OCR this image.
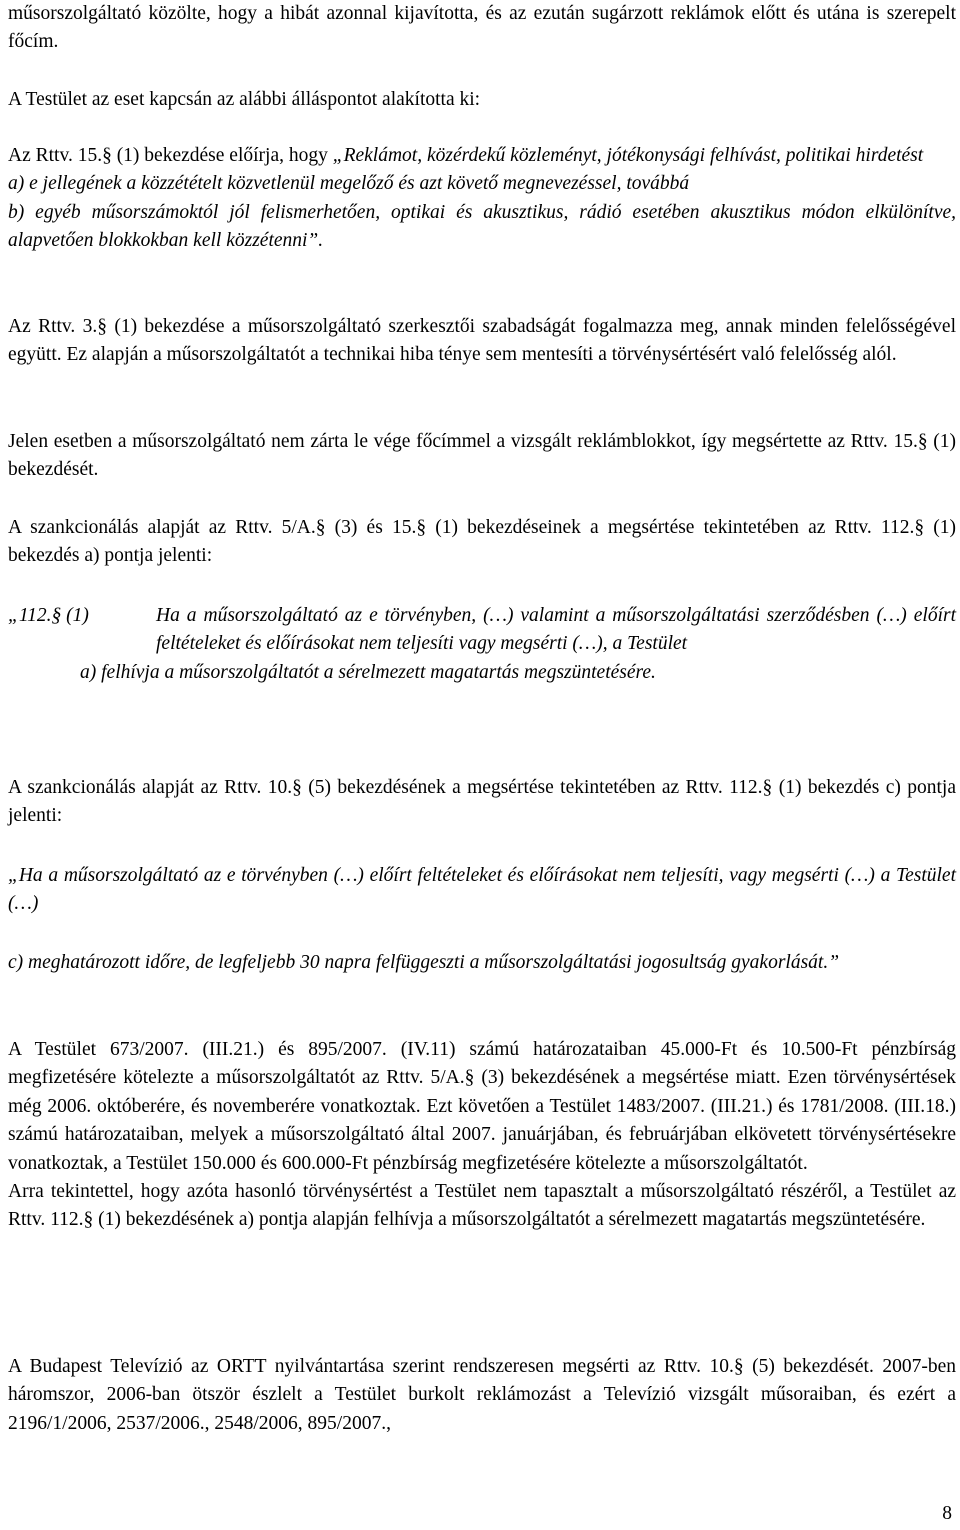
műsorszolgáltató közölte, hogy a hibát azonnal kijavította, és az ezután sugárzott reklámok előtt és utána is szerepelt főcím.

A Testület az eset kapcsán az alábbi álláspontot alakította ki:

Az Rttv. 15.§ (1) bekezdése előírja, hogy „Reklámot, közérdekű közleményt, jótékonysági felhívást, politikai hirdetést

a) e jellegének a közzétételt közvetlenül megelőző és azt követő megnevezéssel, továbbá

b) egyéb műsorszámoktól jól felismerhetően, optikai és akusztikus, rádió esetében akusztikus módon elkülönítve, alapvetően blokkokban kell közzétenni”.

Az Rttv. 3.§ (1) bekezdése a műsorszolgáltató szerkesztői szabadságát fogalmazza meg, annak minden felelősségével együtt. Ez alapján a műsorszolgáltatót a technikai hiba ténye sem mentesíti a törvénysértésért való felelősség alól.

Jelen esetben a műsorszolgáltató nem zárta le vége főcímmel a vizsgált reklámblokkot, így megsértette az Rttv. 15.§ (1) bekezdését.

A szankcionálás alapját az Rttv. 5/A.§ (3) és 15.§ (1) bekezdéseinek a megsértése tekintetében az Rttv. 112.§ (1) bekezdés a) pontja jelenti:

„112.§ (1)	Ha a műsorszolgáltató az e törvényben, (…) valamint a műsorszolgáltatási szerződésben (…) előírt feltételeket és előírásokat nem teljesíti vagy megsérti (…), a Testület

a) felhívja a műsorszolgáltatót a sérelmezett magatartás megszüntetésére.

A szankcionálás alapját az Rttv. 10.§ (5) bekezdésének a megsértése tekintetében az Rttv. 112.§ (1) bekezdés c) pontja jelenti:

„Ha a műsorszolgáltató az e törvényben (…) előírt feltételeket és előírásokat nem teljesíti, vagy megsérti (…) a Testület (…)

c) meghatározott időre, de legfeljebb 30 napra felfüggeszti a műsorszolgáltatási jogosultság gyakorlását.”

A Testület 673/2007. (III.21.) és 895/2007. (IV.11) számú határozataiban 45.000-Ft és 10.500-Ft pénzbírság megfizetésére kötelezte a műsorszolgáltatót az Rttv. 5/A.§ (3) bekezdésének a megsértése miatt. Ezen törvénysértések még 2006. októberére, és novemberére vonatkoztak. Ezt követően a Testület 1483/2007. (III.21.) és 1781/2008. (III.18.) számú határozataiban, melyek a műsorszolgáltató által 2007. januárjában, és februárjában elkövetett törvénysértésekre vonatkoztak, a Testület 150.000 és 600.000-Ft pénzbírság megfizetésére kötelezte a műsorszolgáltatót.

Arra tekintettel, hogy azóta hasonló törvénysértést a Testület nem tapasztalt a műsorszolgáltató részéről, a Testület az Rttv. 112.§ (1) bekezdésének a) pontja alapján felhívja a műsorszolgáltatót a sérelmezett magatartás megszüntetésére.

A Budapest Televízió az ORTT nyilvántartása szerint rendszeresen megsérti az Rttv. 10.§ (5) bekezdését. 2007-ben háromszor, 2006-ban ötször észlelt a Testület burkolt reklámozást a Televízió vizsgált műsoraiban, és ezért a 2196/1/2006, 2537/2006., 2548/2006, 895/2007.,

8
